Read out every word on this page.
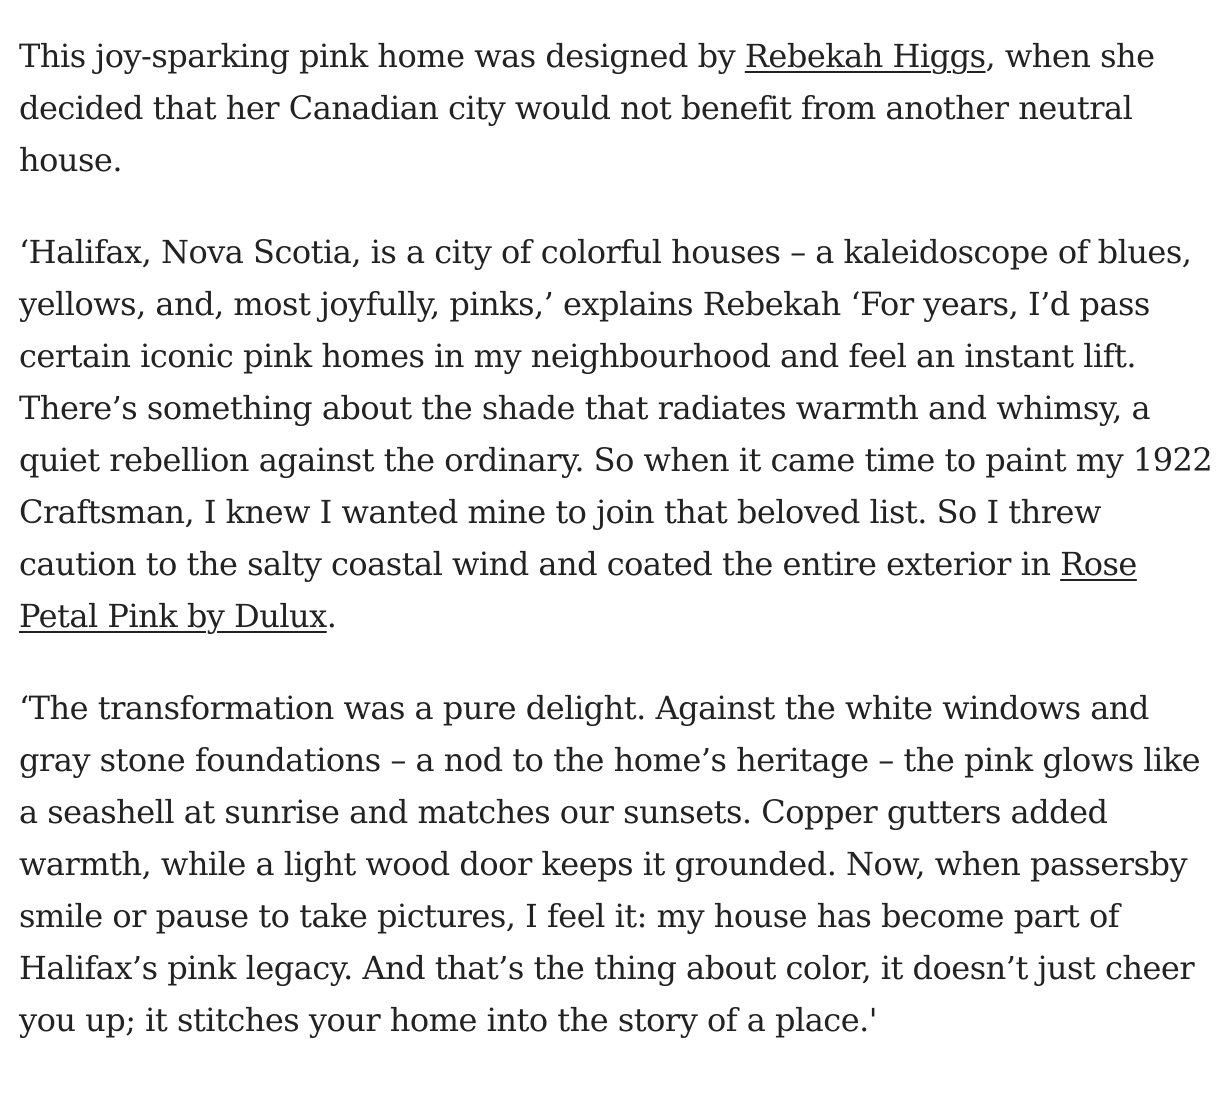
This joy-sparking pink home was designed by Rebekah Higgs, when she
decided that her Canadian city would not benefit from another neutral
house.

‘Halifax, Nova Scotia, is a city of colorful houses – a kaleidoscope of blues,
yellows, and, most joyfully, pinks,’ explains Rebekah ‘For years, I’d pass
certain iconic pink homes in my neighbourhood and feel an instant lift.
There’s something about the shade that radiates warmth and whimsy, a
quiet rebellion against the ordinary. So when it came time to paint my 1922
Craftsman, I knew I wanted mine to join that beloved list. So I threw
caution to the salty coastal wind and coated the entire exterior in Rose
Petal Pink by Dulux.

‘The transformation was a pure delight. Against the white windows and
gray stone foundations – a nod to the home’s heritage – the pink glows like
a seashell at sunrise and matches our sunsets. Copper gutters added
warmth, while a light wood door keeps it grounded. Now, when passersby
smile or pause to take pictures, I feel it: my house has become part of
Halifax’s pink legacy. And that’s the thing about color, it doesn’t just cheer
you up; it stitches your home into the story of a place.'
